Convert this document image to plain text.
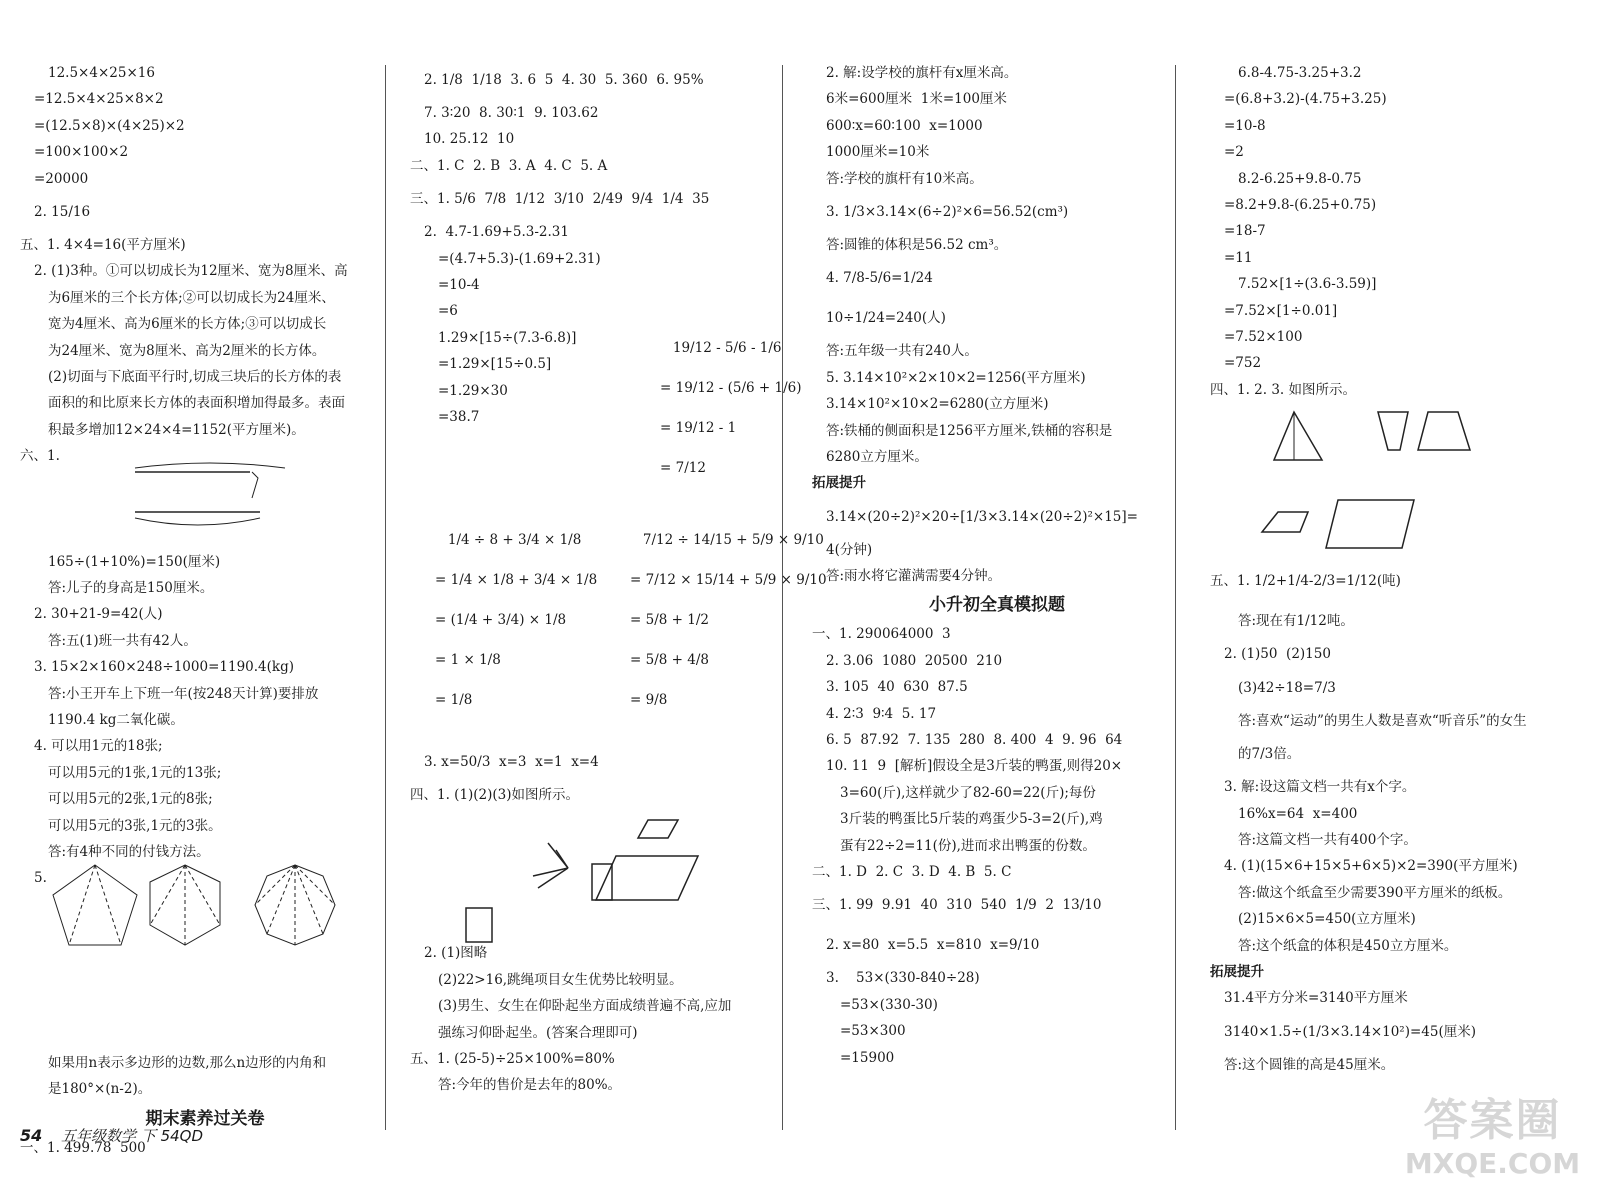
12.5×4×25×16
=12.5×4×25×8×2
=(12.5×8)×(4×25)×2
=100×100×2
=20000
2. 15/16
五、1. 4×4=16(平方厘米)
2. (1)3种。①可以切成长为12厘米、宽为8厘米、高
为6厘米的三个长方体;②可以切成长为24厘米、
宽为4厘米、高为6厘米的长方体;③可以切成长
为24厘米、宽为8厘米、高为2厘米的长方体。
(2)切面与下底面平行时,切成三块后的长方体的表
面积的和比原来长方体的表面积增加得最多。表面
积最多增加12×24×4=1152(平方厘米)。
六、1.
165÷(1+10%)=150(厘米)
答:儿子的身高是150厘米。
2. 30+21-9=42(人)
答:五(1)班一共有42人。
3. 15×2×160×248÷1000=1190.4(kg)
答:小王开车上下班一年(按248天计算)要排放
1190.4 kg二氧化碳。
4. 可以用1元的18张;
可以用5元的1张,1元的13张;
可以用5元的2张,1元的8张;
可以用5元的3张,1元的3张。
答:有4种不同的付钱方法。
5.
如果用n表示多边形的边数,那么n边形的内角和
是180°×(n-2)。
期末素养过关卷
一、1. 499.78  500
2. 1/8  1/18  3. 6  5  4. 30  5. 360  6. 95%
7. 3∶20  8. 30∶1  9. 103.62
10. 25.12  10
二、1. C  2. B  3. A  4. C  5. A
三、1. 5/6  7/8  1/12  3/10  2/49  9/4  1/4  35
2.  4.7-1.69+5.3-2.31
=(4.7+5.3)-(1.69+2.31)
=10-4
=6
1.29×[15÷(7.3-6.8)]
=1.29×[15÷0.5]
=1.29×30
=38.7
19/12 - 5/6 - 1/6
= 19/12 - (5/6 + 1/6)
= 19/12 - 1
= 7/12
1/4 ÷ 8 + 3/4 × 1/8
= 1/4 × 1/8 + 3/4 × 1/8
= (1/4 + 3/4) × 1/8
= 1 × 1/8
= 1/8
7/12 ÷ 14/15 + 5/9 × 9/10
= 7/12 × 15/14 + 5/9 × 9/10
= 5/8 + 1/2
= 5/8 + 4/8
= 9/8
3. x=50/3  x=3  x=1  x=4
四、1. (1)(2)(3)如图所示。
2. (1)图略
(2)22>16,跳绳项目女生优势比较明显。
(3)男生、女生在仰卧起坐方面成绩普遍不高,应加
强练习仰卧起坐。(答案合理即可)
五、1. (25-5)÷25×100%=80%
答:今年的售价是去年的80%。
2. 解:设学校的旗杆有x厘米高。
6米=600厘米  1米=100厘米
600∶x=60∶100  x=1000
1000厘米=10米
答:学校的旗杆有10米高。
3. 1/3×3.14×(6÷2)²×6=56.52(cm³)
答:圆锥的体积是56.52 cm³。
4. 7/8-5/6=1/24
10÷1/24=240(人)
答:五年级一共有240人。
5. 3.14×10²×2×10×2=1256(平方厘米)
3.14×10²×10×2=6280(立方厘米)
答:铁桶的侧面积是1256平方厘米,铁桶的容积是
6280立方厘米。
拓展提升
3.14×(20÷2)²×20÷[1/3×3.14×(20÷2)²×15]=
4(分钟)
答:雨水将它灌满需要4分钟。
小升初全真模拟题
一、1. 290064000  3
2. 3.06  1080  20500  210
3. 105  40  630  87.5
4. 2∶3  9∶4  5. 17
6. 5  87.92  7. 135  280  8. 400  4  9. 96  64
10. 11  9  [解析]假设全是3斤装的鸭蛋,则得20×
3=60(斤),这样就少了82-60=22(斤);每份
3斤装的鸭蛋比5斤装的鸡蛋少5-3=2(斤),鸡
蛋有22÷2=11(份),进而求出鸭蛋的份数。
二、1. D  2. C  3. D  4. B  5. C
三、1. 99  9.91  40  310  540  1/9  2  13/10
2. x=80  x=5.5  x=810  x=9/10
3.    53×(330-840÷28)
=53×(330-30)
=53×300
=15900
6.8-4.75-3.25+3.2
=(6.8+3.2)-(4.75+3.25)
=10-8
=2
8.2-6.25+9.8-0.75
=8.2+9.8-(6.25+0.75)
=18-7
=11
7.52×[1÷(3.6-3.59)]
=7.52×[1÷0.01]
=7.52×100
=752
四、1. 2. 3. 如图所示。
五、1. 1/2+1/4-2/3=1/12(吨)
答:现在有1/12吨。
2. (1)50  (2)150
(3)42÷18=7/3
答:喜欢“运动”的男生人数是喜欢“听音乐”的女生
的7/3倍。
3. 解:设这篇文档一共有x个字。
16%x=64  x=400
答:这篇文档一共有400个字。
4. (1)(15×6+15×5+6×5)×2=390(平方厘米)
答:做这个纸盒至少需要390平方厘米的纸板。
(2)15×6×5=450(立方厘米)
答:这个纸盒的体积是450立方厘米。
拓展提升
31.4平方分米=3140平方厘米
3140×1.5÷(1/3×3.14×10²)=45(厘米)
答:这个圆锥的高是45厘米。
54 五年级数学 下 54QD	答案圈
MXQE.COM
